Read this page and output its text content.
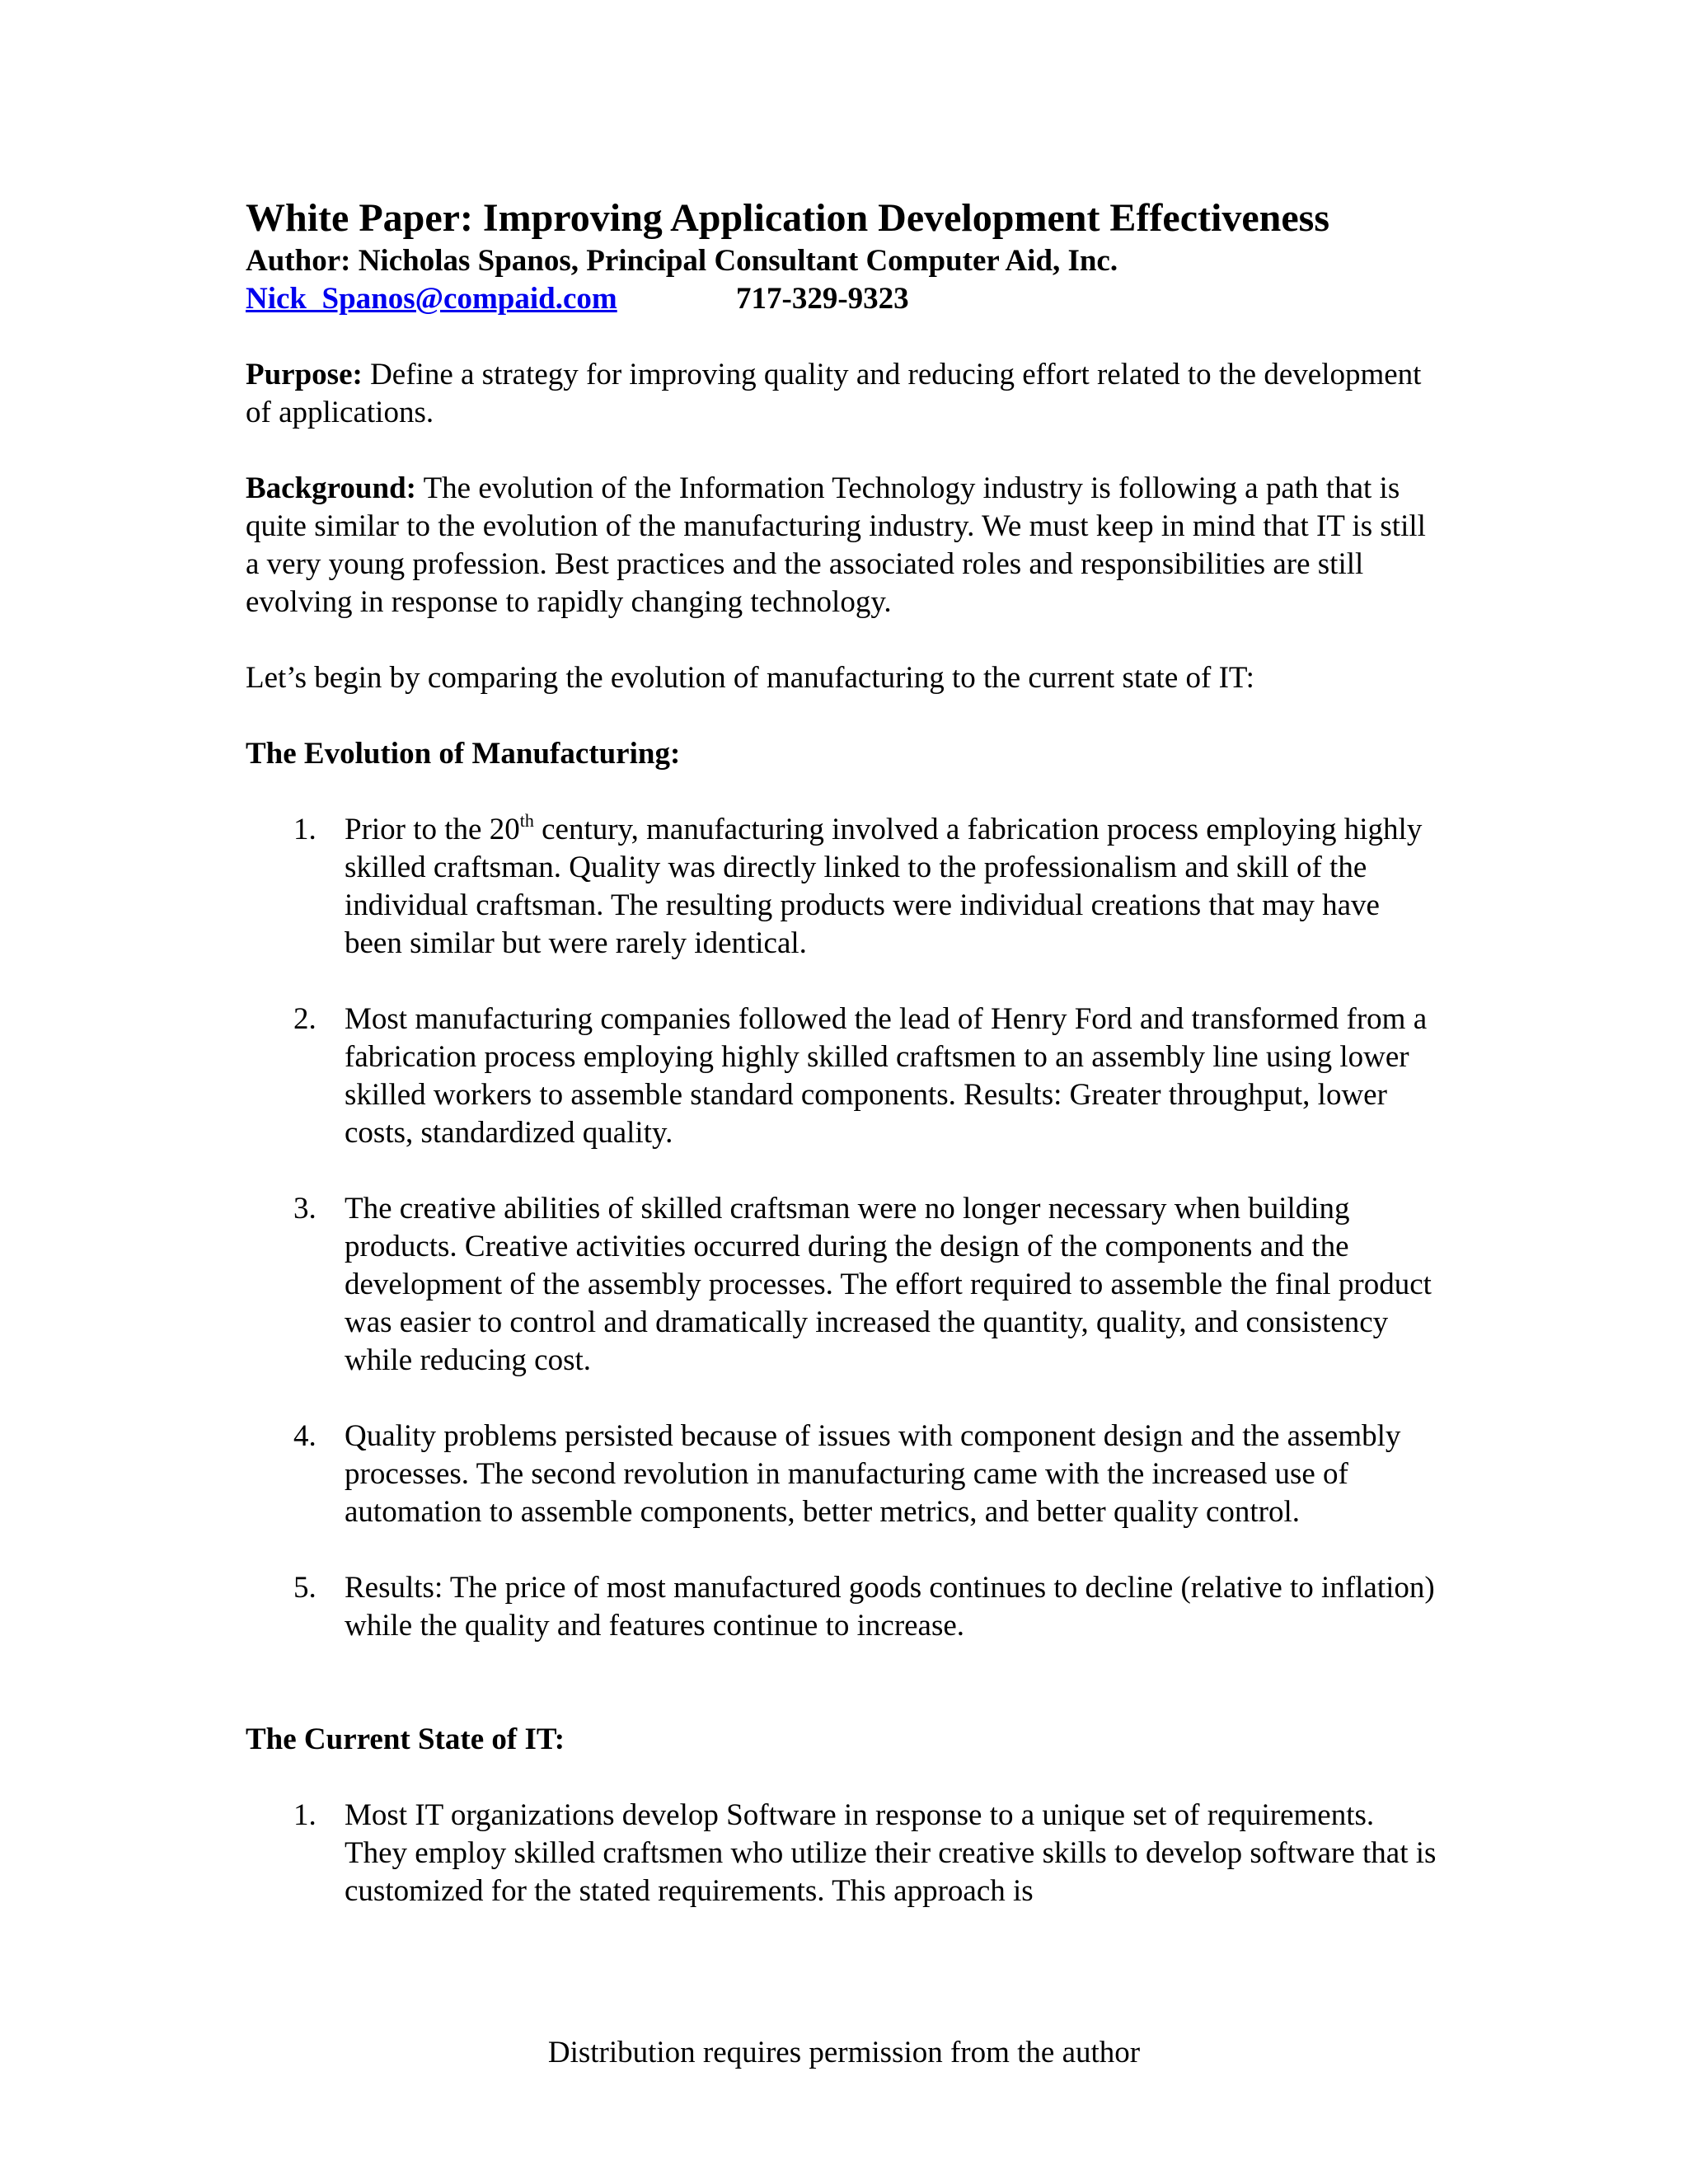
White Paper: Improving Application Development Effectiveness
Author: Nicholas Spanos, Principal Consultant Computer Aid, Inc.
Nick_Spanos@compaid.com	717-329-9323

Purpose: Define a strategy for improving quality and reducing effort related to the development of applications.

Background: The evolution of the Information Technology industry is following a path that is quite similar to the evolution of the manufacturing industry. We must keep in mind that IT is still a very young profession. Best practices and the associated roles and responsibilities are still evolving in response to rapidly changing technology.

Let’s begin by comparing the evolution of manufacturing to the current state of IT:

The Evolution of Manufacturing:
1. Prior to the 20th century, manufacturing involved a fabrication process employing highly skilled craftsman. Quality was directly linked to the professionalism and skill of the individual craftsman. The resulting products were individual creations that may have been similar but were rarely identical.
2. Most manufacturing companies followed the lead of Henry Ford and transformed from a fabrication process employing highly skilled craftsmen to an assembly line using lower skilled workers to assemble standard components. Results: Greater throughput, lower costs, standardized quality.
3. The creative abilities of skilled craftsman were no longer necessary when building products. Creative activities occurred during the design of the components and the development of the assembly processes. The effort required to assemble the final product was easier to control and dramatically increased the quantity, quality, and consistency while reducing cost.
4. Quality problems persisted because of issues with component design and the assembly processes. The second revolution in manufacturing came with the increased use of automation to assemble components, better metrics, and better quality control.
5. Results: The price of most manufactured goods continues to decline (relative to inflation) while the quality and features continue to increase.
The Current State of IT:
1. Most IT organizations develop Software in response to a unique set of requirements. They employ skilled craftsmen who utilize their creative skills to develop software that is customized for the stated requirements. This approach is
Distribution requires permission from the author
